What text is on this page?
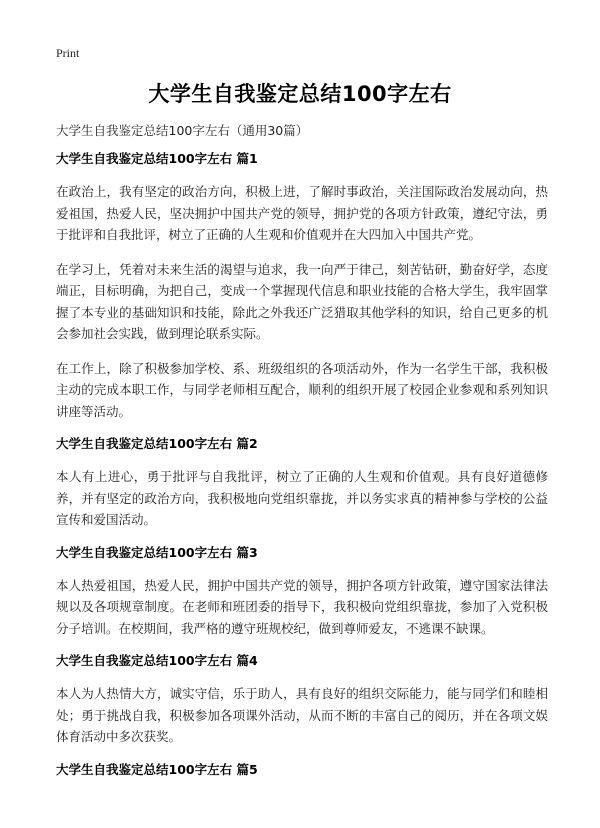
Print
大学生自我鉴定总结100字左右
大学生自我鉴定总结100字左右（通用30篇）
大学生自我鉴定总结100字左右 篇1

在政治上，我有坚定的政治方向，积极上进，了解时事政治，关注国际政治发展动向，热爱祖国，热爱人民，坚决拥护中国共产党的领导，拥护党的各项方针政策，遵纪守法，勇于批评和自我批评，树立了正确的人生观和价值观并在大四加入中国共产党。

在学习上，凭着对未来生活的渴望与追求，我一向严于律己，刻苦钻研，勤奋好学，态度端正，目标明确，为把自己，变成一个掌握现代信息和职业技能的合格大学生，我牢固掌握了本专业的基础知识和技能，除此之外我还广泛猎取其他学科的知识，给自己更多的机会参加社会实践，做到理论联系实际。

在工作上，除了积极参加学校、系、班级组织的各项活动外，作为一名学生干部，我积极主动的完成本职工作，与同学老师相互配合，顺利的组织开展了校园企业参观和系列知识讲座等活动。

大学生自我鉴定总结100字左右 篇2

本人有上进心，勇于批评与自我批评，树立了正确的人生观和价值观。具有良好道德修养，并有坚定的政治方向，我积极地向党组织靠拢，并以务实求真的精神参与学校的公益宣传和爱国活动。

大学生自我鉴定总结100字左右 篇3

本人热爱祖国，热爱人民，拥护中国共产党的领导，拥护各项方针政策，遵守国家法律法规以及各项规章制度。在老师和班团委的指导下，我积极向党组织靠拢，参加了入党积极分子培训。在校期间，我严格的遵守班规校纪，做到尊师爱友，不逃课不缺课。

大学生自我鉴定总结100字左右 篇4

本人为人热情大方，诚实守信，乐于助人，具有良好的组织交际能力，能与同学们和睦相处；勇于挑战自我，积极参加各项课外活动，从而不断的丰富自己的阅历，并在各项文娱体育活动中多次获奖。

大学生自我鉴定总结100字左右 篇5
